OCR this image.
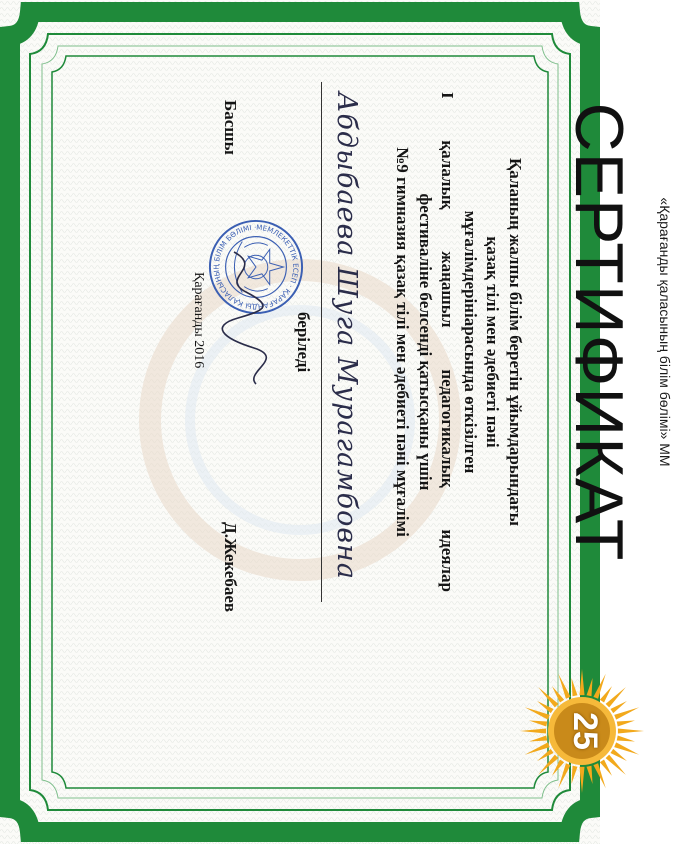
«Қарағанды қаласының білім бөлімі» ММ
СЕРТИФИКАТ
Қаланың жалпы білім беретін ұйымдарындағы
қазақ тілі мен әдебиеті пәні
мұғалімдерінiарасында өткізілген
І қалалық жаңашыл педагогикалық идеялар
фестиваліне белсенді қатысқаны үшін
№9 гимназия қазақ тілі мен әдебиеті пәні мұғалімі
Абдыбаева Шуга Мурагамбовна
беріледі
МЕМЛЕКЕТТІК ЕСЕП · ҚАРАҒАНДЫ ҚАЛАСЫНЫҢ БІЛІМ БӨЛІМІ ·
Басшы
Д.Жекебаев
Қарағанды 2016
25
